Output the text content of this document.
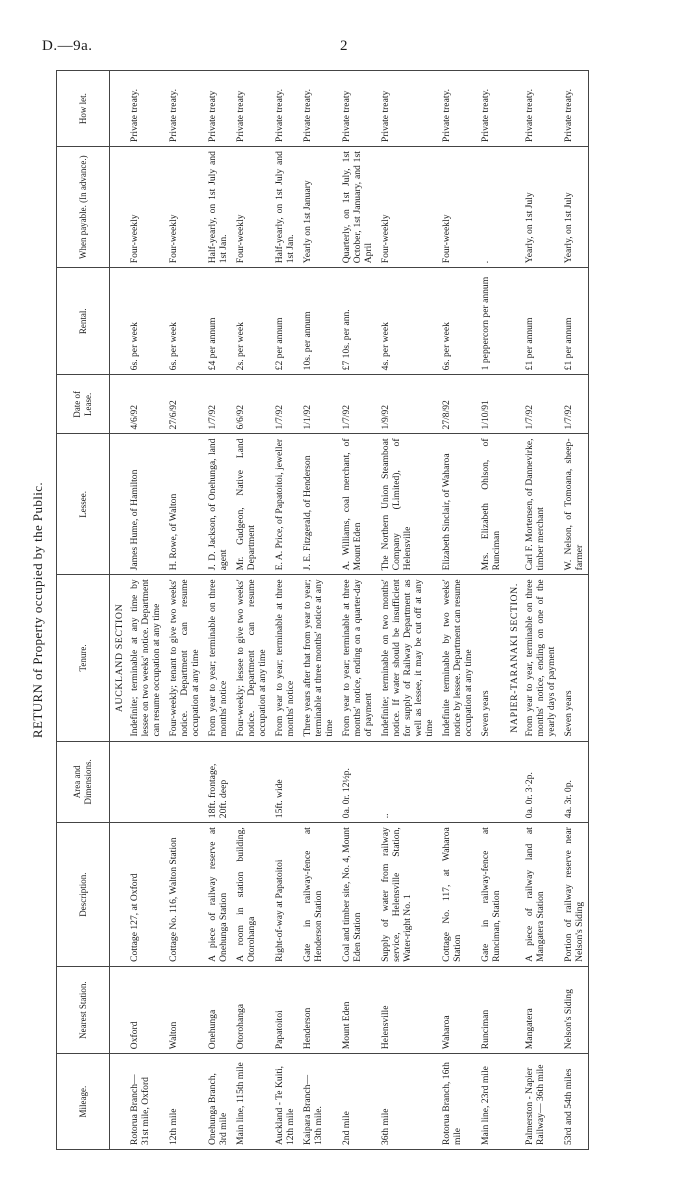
D.—9a.	2
RETURN of Property occupied by the Public.
Mileage.	Nearest Station.	Description.	Area and Dimensions.	Tenure.	Lessee.	Date of Lease.	Rental.	When payable. (In advance.)	How let.
				AUCKLAND SECTION					
Rotorua Branch— 31st mile, Oxford	Oxford	Cottage 127, at Oxford		Indefinite; terminable at any time by lessee on two weeks' notice. Department can resume occupation at any time	James Hume, of Hamilton	4/6/92	6s. per week	Four-weekly	Private treaty.
12th mile	Walton	Cottage No. 116, Walton Station		Four-weekly; tenant to give two weeks' notice. Department can resume occupation at any time	H. Rowe, of Walton	27/6/92	6s. per week	Four-weekly	Private treaty.
Onehunga Branch, 3rd mile	Onehunga	A piece of railway reserve at Onehunga Station	18ft. frontage, 20ft. deep	From year to year; terminable on three months' notice	J. D. Jackson, of Onehunga, land agent	1/7/92	£4 per annum	Half-yearly, on 1st July and 1st Jan.	Private treaty
Main line, 115th mile	Otorohanga	A room in station building, Otorohanga		Four-weekly; lessee to give two weeks' notice. Department can resume occupation at any time	Mr. Gudgeon, Native Land Department	6/6/92	2s. per week	Four-weekly	Private treaty
Auckland - Te Kuiti, 12th mile	Papatoitoi	Right-of-way at Papatoitoi	15ft. wide	From year to year; terminable at three months' notice	E. A. Price, of Papatoitoi, jeweller	1/7/92	£2 per annum	Half-yearly, on 1st July and 1st Jan.	Private treaty.
Kaipara Branch— 13th mile.	Henderson	Gate in railway-fence at Henderson Station		Three years after that from year to year; terminable at three months' notice at any time	J. E. Fitzgerald, of Henderson	1/1/92	10s. per annum	Yearly on 1st January	Private treaty.
2nd mile	Mount Eden	Coal and timber site, No. 4, Mount Eden Station	0a. 0r. 12½p.	From year to year; terminable at three months' notice, ending on a quarter-day of payment	A. Williams, coal merchant, of Mount Eden	1/7/92	£7 10s. per ann.	Quarterly, on 1st July, 1st October, 1st January, and 1st April	Private treaty
36th mile	Helensville	Supply of water from railway service, Helensville Station, Water-right No. 1	..	Indefinite; terminable on two months' notice. If water should be insufficient for supply of Railway Department as well as lessee, it may be cut off at any time	The Northern Union Steamboat Company (Limited), of Helensville	1/9/92	4s. per week	Four-weekly	Private treaty
Rotorua Branch, 16th mile	Waharoa	Cottage No. 117, at Waharoa Station		Indefinite terminable by two weeks' notice by lessee. Department can resume occupation at any time	Elizabeth Sinclair, of Waharoa	27/8/92	6s. per week	Four-weekly	Private treaty.
Main line, 23rd mile	Runciman	Gate in railway-fence at Runciman, Station		Seven years	Mrs. Elizabeth Ohlson, of Runciman	1/10/91	1 peppercorn per annum	.	Private treaty.
				NAPIER-TARANAKI SECTION.					
Palmerston - Napier Railway— 36th mile	Mangatera	A piece of railway land at Mangatera Station	0a. 0r. 3·2p.	From year to year, terminable on three months' notice, ending on one of the yearly days of payment	Carl F. Mortensen, of Dannevirke, timber merchant	1/7/92	£1 per annum	Yearly, on 1st July	Private treaty.
53rd and 54th miles	Nelson's Siding	Portion of railway reserve near Nelson's Siding	4a. 3r. 0p.	Seven years	W. Nelson, of Tomoana, sheep-farmer	1/7/92	£1 per annum	Yearly, on 1st July	Private treaty.
